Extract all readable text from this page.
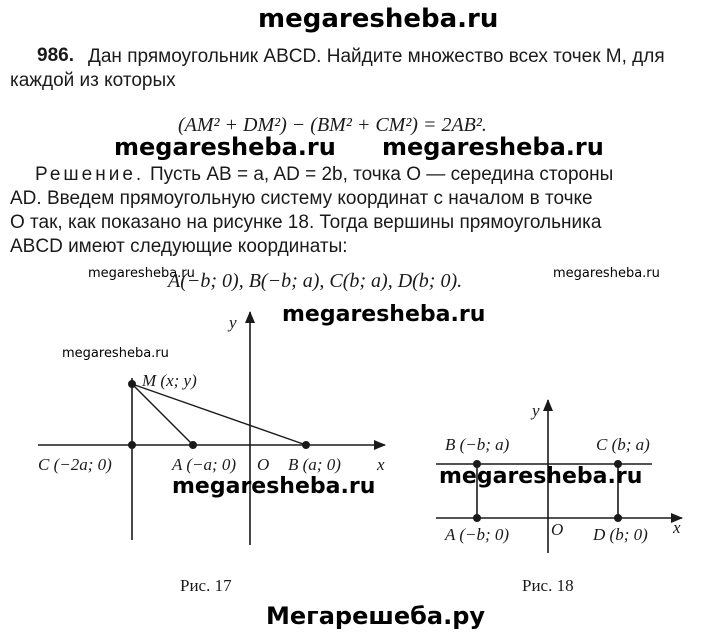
megaresheba.ru
986. Дан прямоугольник ABCD. Найдите множество всех точек M, для
каждой из которых
(AM² + DM²) − (BM² + CM²) = 2AB².
megaresheba.ru megaresheba.ru
Решение. Пусть AB = a, AD = 2b, точка O — середина стороны
AD. Введем прямоугольную систему координат с началом в точке
O так, как показано на рисунке 18. Тогда вершины прямоугольника
ABCD имеют следующие координаты:
megaresheba.ru
A(−b; 0), B(−b; a), C(b; a), D(b; 0).	megaresheba.ru
y
x
M (x; y)
C (−2a; 0)	A (−a; 0) O B (a; 0)
y
x
B (−b; a)	C (b; a)
A (−b; 0) O D (b; 0)
megaresheba.ru
megaresheba.ru
megaresheba.ru	megaresheba.ru
Рис. 17	Рис. 18
Мегарешеба.ру
